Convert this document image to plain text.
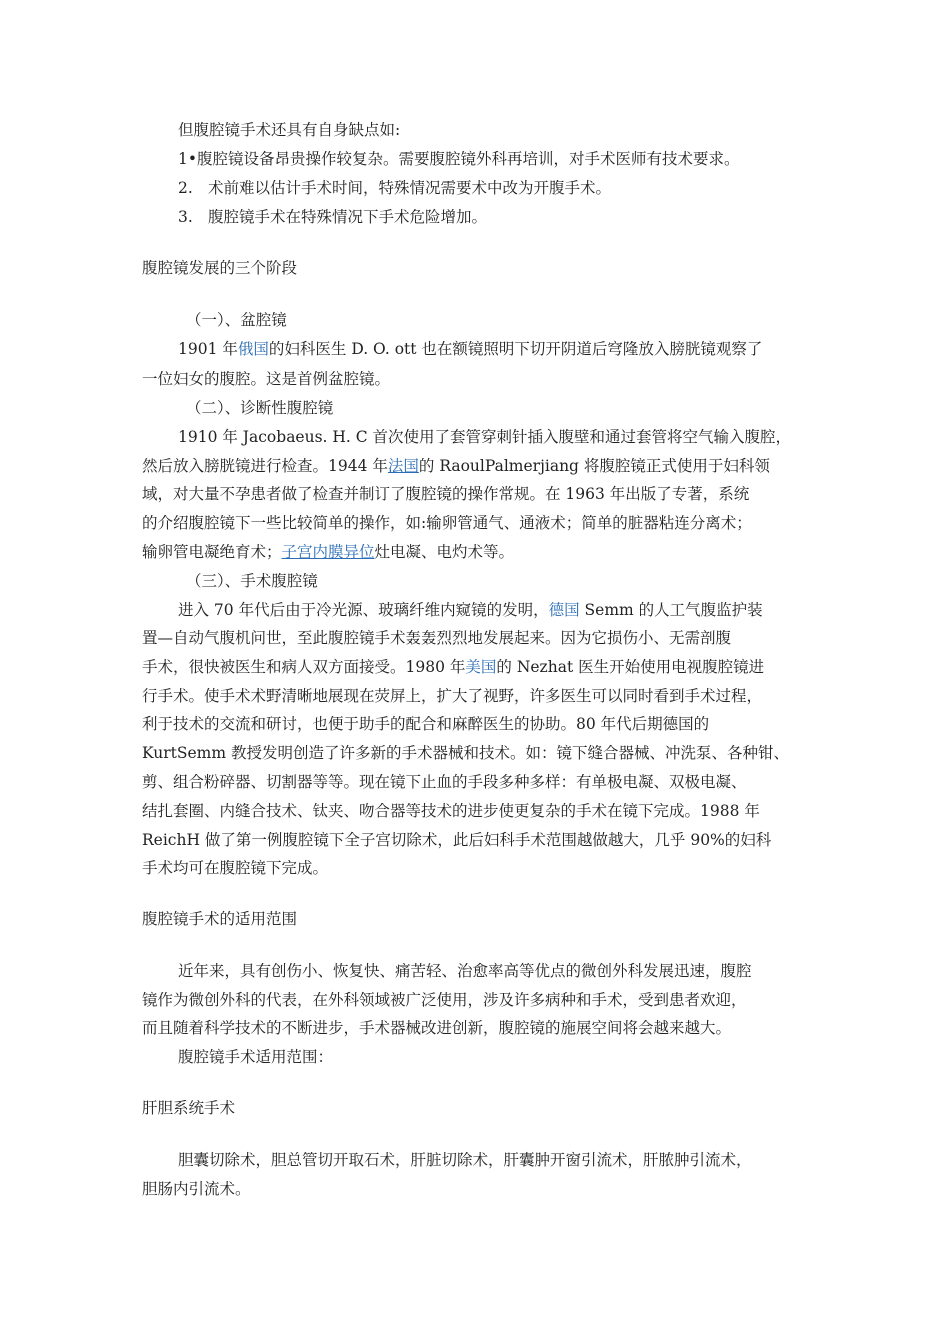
但腹腔镜手术还具有自身缺点如:
1•腹腔镜设备昂贵操作较复杂。需要腹腔镜外科再培训，对手术医师有技术要求。
2. 术前难以估计手术时间，特殊情况需要术中改为开腹手术。
3. 腹腔镜手术在特殊情况下手术危险增加。
腹腔镜发展的三个阶段
（一）、盆腔镜
1901 年俄国的妇科医生 D. O. ott 也在额镜照明下切开阴道后穹隆放入膀胱镜观察了
一位妇女的腹腔。这是首例盆腔镜。
（二）、诊断性腹腔镜
1910 年 Jacobaeus. H. C 首次使用了套管穿刺针插入腹壁和通过套管将空气输入腹腔，
然后放入膀胱镜进行检查。1944 年法国的 RaoulPalmerjiang 将腹腔镜正式使用于妇科领
域，对大量不孕患者做了检查并制订了腹腔镜的操作常规。在 1963 年出版了专著，系统
的介绍腹腔镜下一些比较简单的操作，如:输卵管通气、通液术；简单的脏器粘连分离术；
输卵管电凝绝育术；子宫内膜异位灶电凝、电灼术等。
（三）、手术腹腔镜
进入 70 年代后由于冷光源、玻璃纤维内窥镜的发明，德国 Semm 的人工气腹监护装
置—自动气腹机问世，至此腹腔镜手术轰轰烈烈地发展起来。因为它损伤小、无需剖腹
手术，很快被医生和病人双方面接受。1980 年美国的 Nezhat 医生开始使用电视腹腔镜进
行手术。使手术术野清晰地展现在荧屏上，扩大了视野，许多医生可以同时看到手术过程，
利于技术的交流和研讨，也便于助手的配合和麻醉医生的协助。80 年代后期德国的
KurtSemm 教授发明创造了许多新的手术器械和技术。如：镜下缝合器械、冲洗泵、各种钳、
剪、组合粉碎器、切割器等等。现在镜下止血的手段多种多样：有单极电凝、双极电凝、
结扎套圈、内缝合技术、钛夹、吻合器等技术的进步使更复杂的手术在镜下完成。1988 年
ReichH 做了第一例腹腔镜下全子宫切除术，此后妇科手术范围越做越大，几乎 90%的妇科
手术均可在腹腔镜下完成。
腹腔镜手术的适用范围
近年来，具有创伤小、恢复快、痛苦轻、治愈率高等优点的微创外科发展迅速，腹腔
镜作为微创外科的代表，在外科领域被广泛使用，涉及许多病种和手术，受到患者欢迎，
而且随着科学技术的不断进步，手术器械改进创新，腹腔镜的施展空间将会越来越大。
腹腔镜手术适用范围：
肝胆系统手术
胆囊切除术，胆总管切开取石术，肝脏切除术，肝囊肿开窗引流术，肝脓肿引流术，
胆肠内引流术。
